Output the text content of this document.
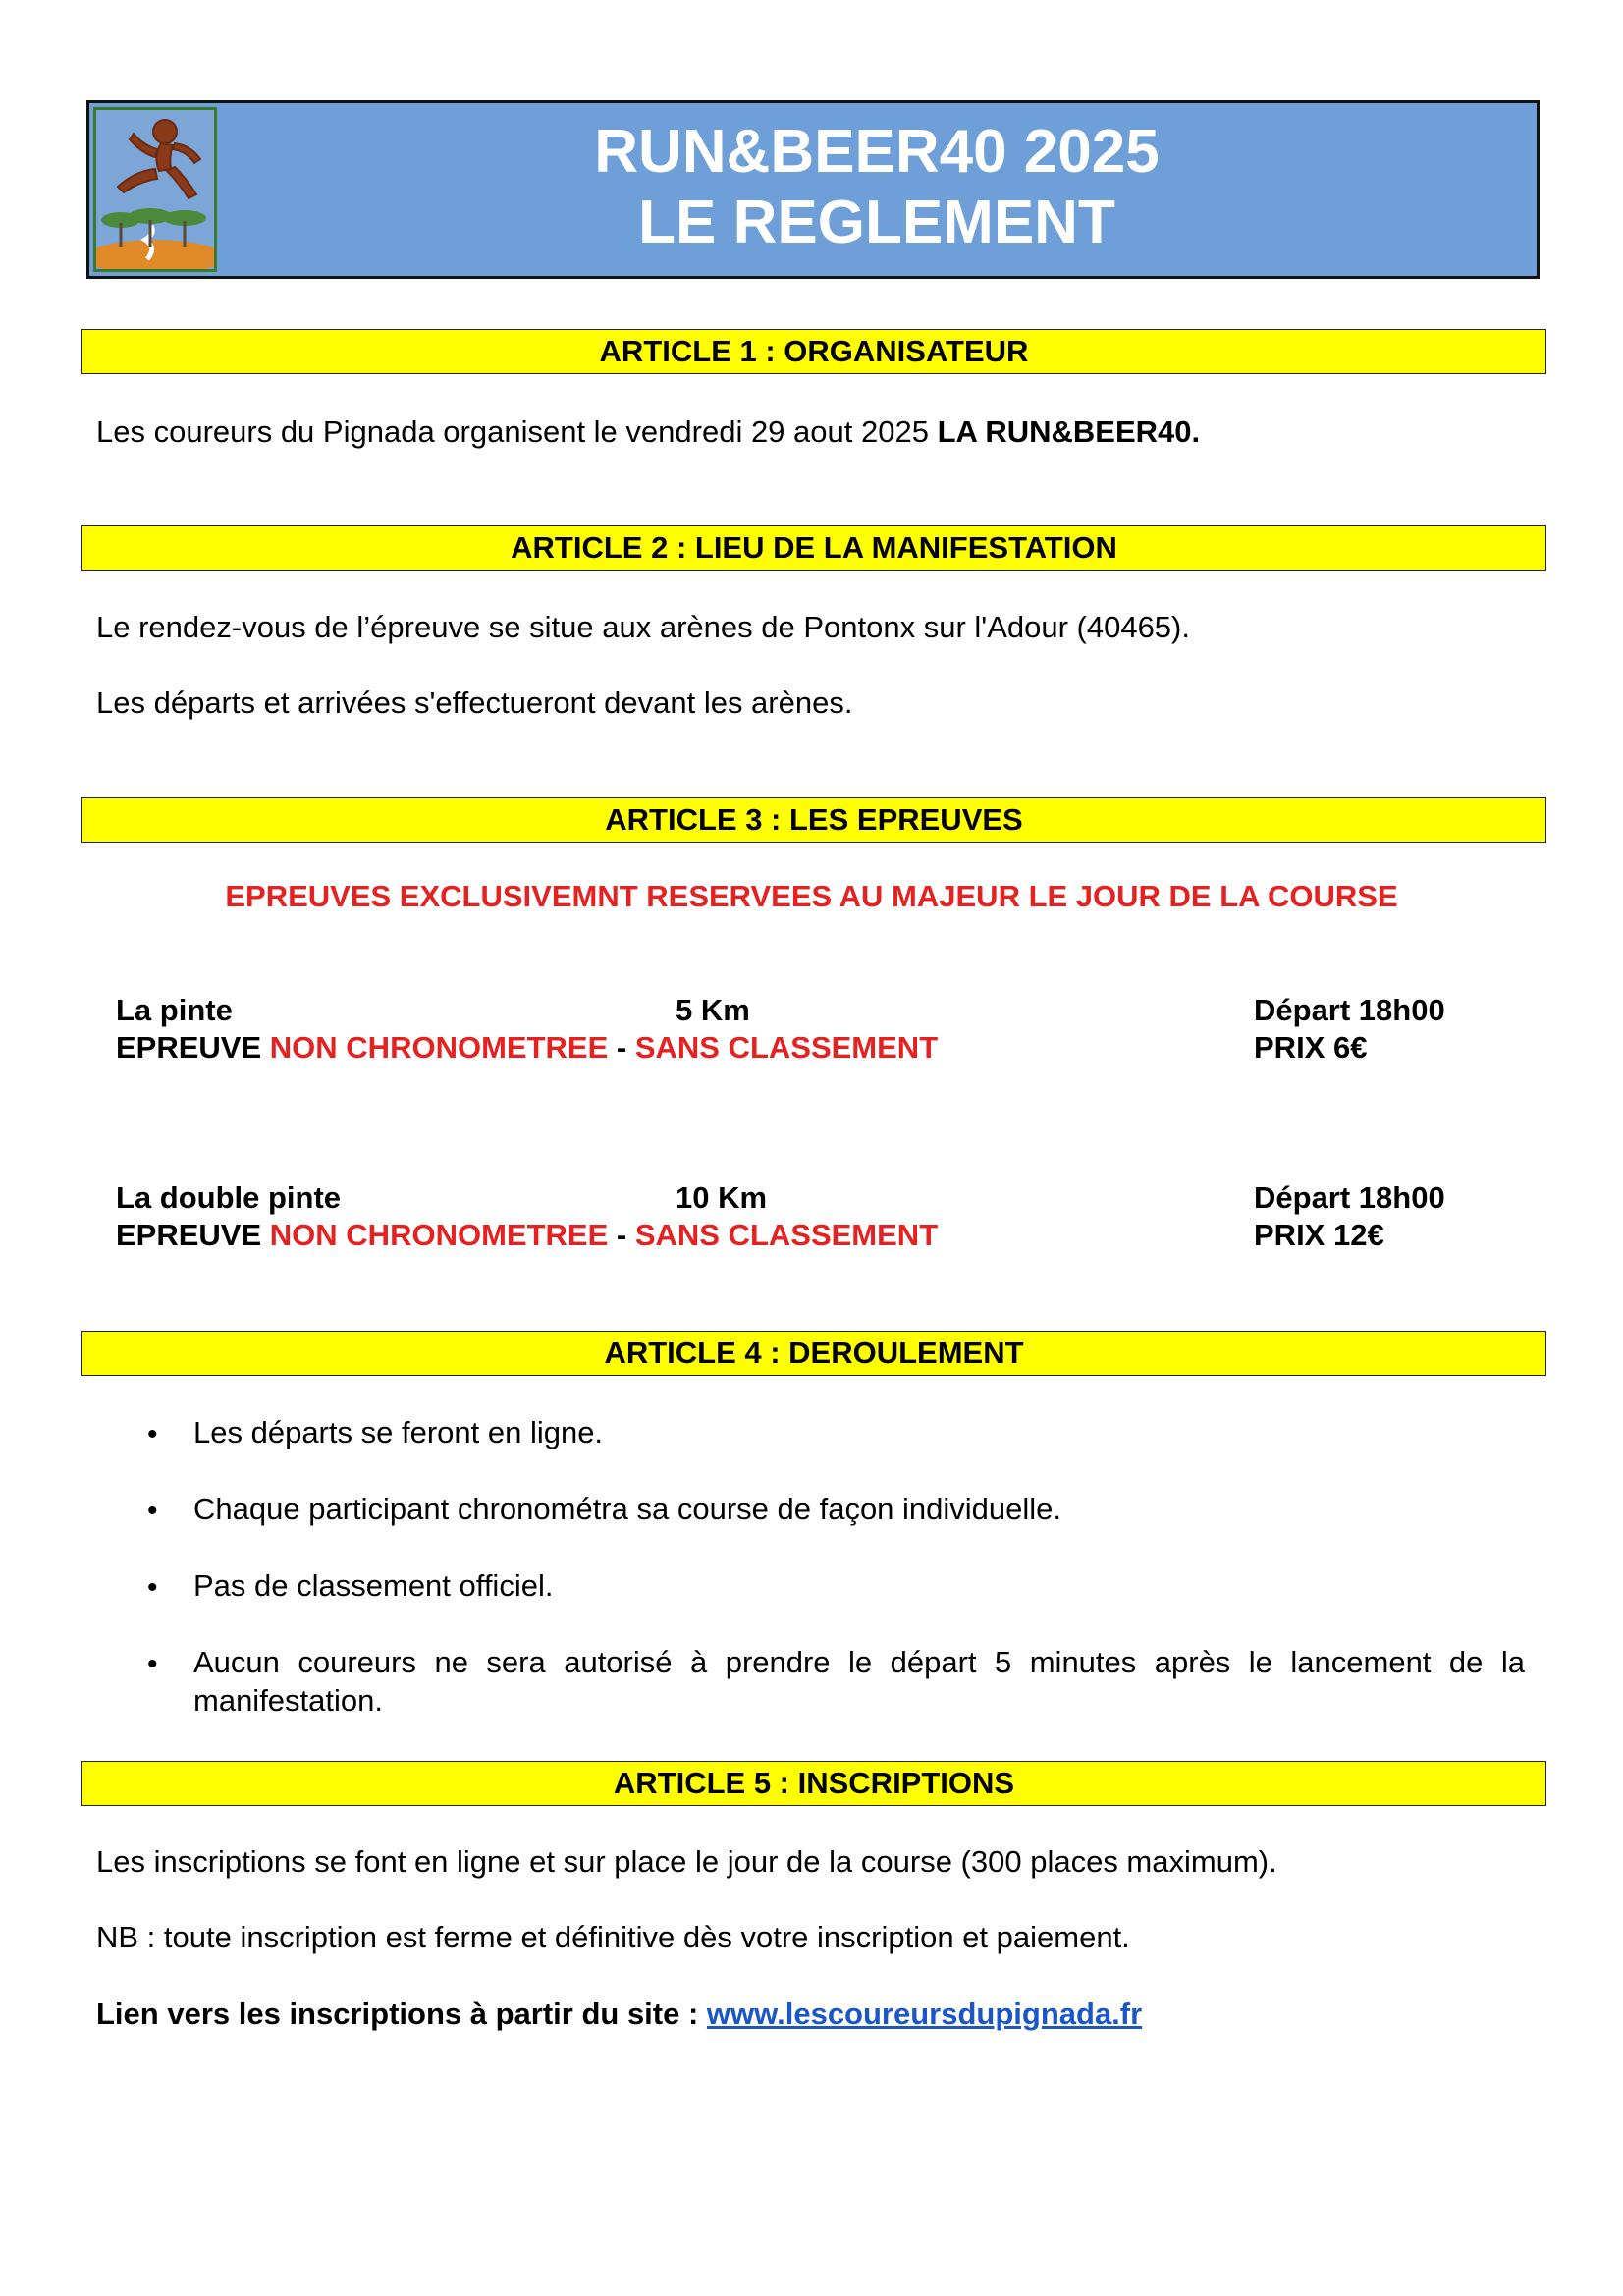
RUN&BEER40 2025
LE REGLEMENT
ARTICLE 1 : ORGANISATEUR
Les coureurs du Pignada organisent le vendredi 29 aout 2025 LA RUN&BEER40.
ARTICLE 2 : LIEU DE LA MANIFESTATION
Le rendez-vous de l’épreuve se situe aux arènes de Pontonx sur l'Adour (40465).
Les départs et arrivées s'effectueront devant les arènes.
ARTICLE 3 : LES EPREUVES
EPREUVES EXCLUSIVEMNT RESERVEES AU MAJEUR LE JOUR DE LA COURSE
La pinte	5 Km	Départ 18h00
EPREUVE NON CHRONOMETREE - SANS CLASSEMENT	PRIX 6€
La double pinte	10 Km	Départ 18h00
EPREUVE NON CHRONOMETREE - SANS CLASSEMENT	PRIX 12€
ARTICLE 4 : DEROULEMENT
• Les départs se feront en ligne.
• Chaque participant chronométra sa course de façon individuelle.
• Pas de classement officiel.
• Aucun coureurs ne sera autorisé à prendre le départ 5 minutes après le lancement de la
manifestation.
ARTICLE 5 : INSCRIPTIONS
Les inscriptions se font en ligne et sur place le jour de la course (300 places maximum).
NB : toute inscription est ferme et définitive dès votre inscription et paiement.
Lien vers les inscriptions à partir du site : www.lescoureursdupignada.fr
